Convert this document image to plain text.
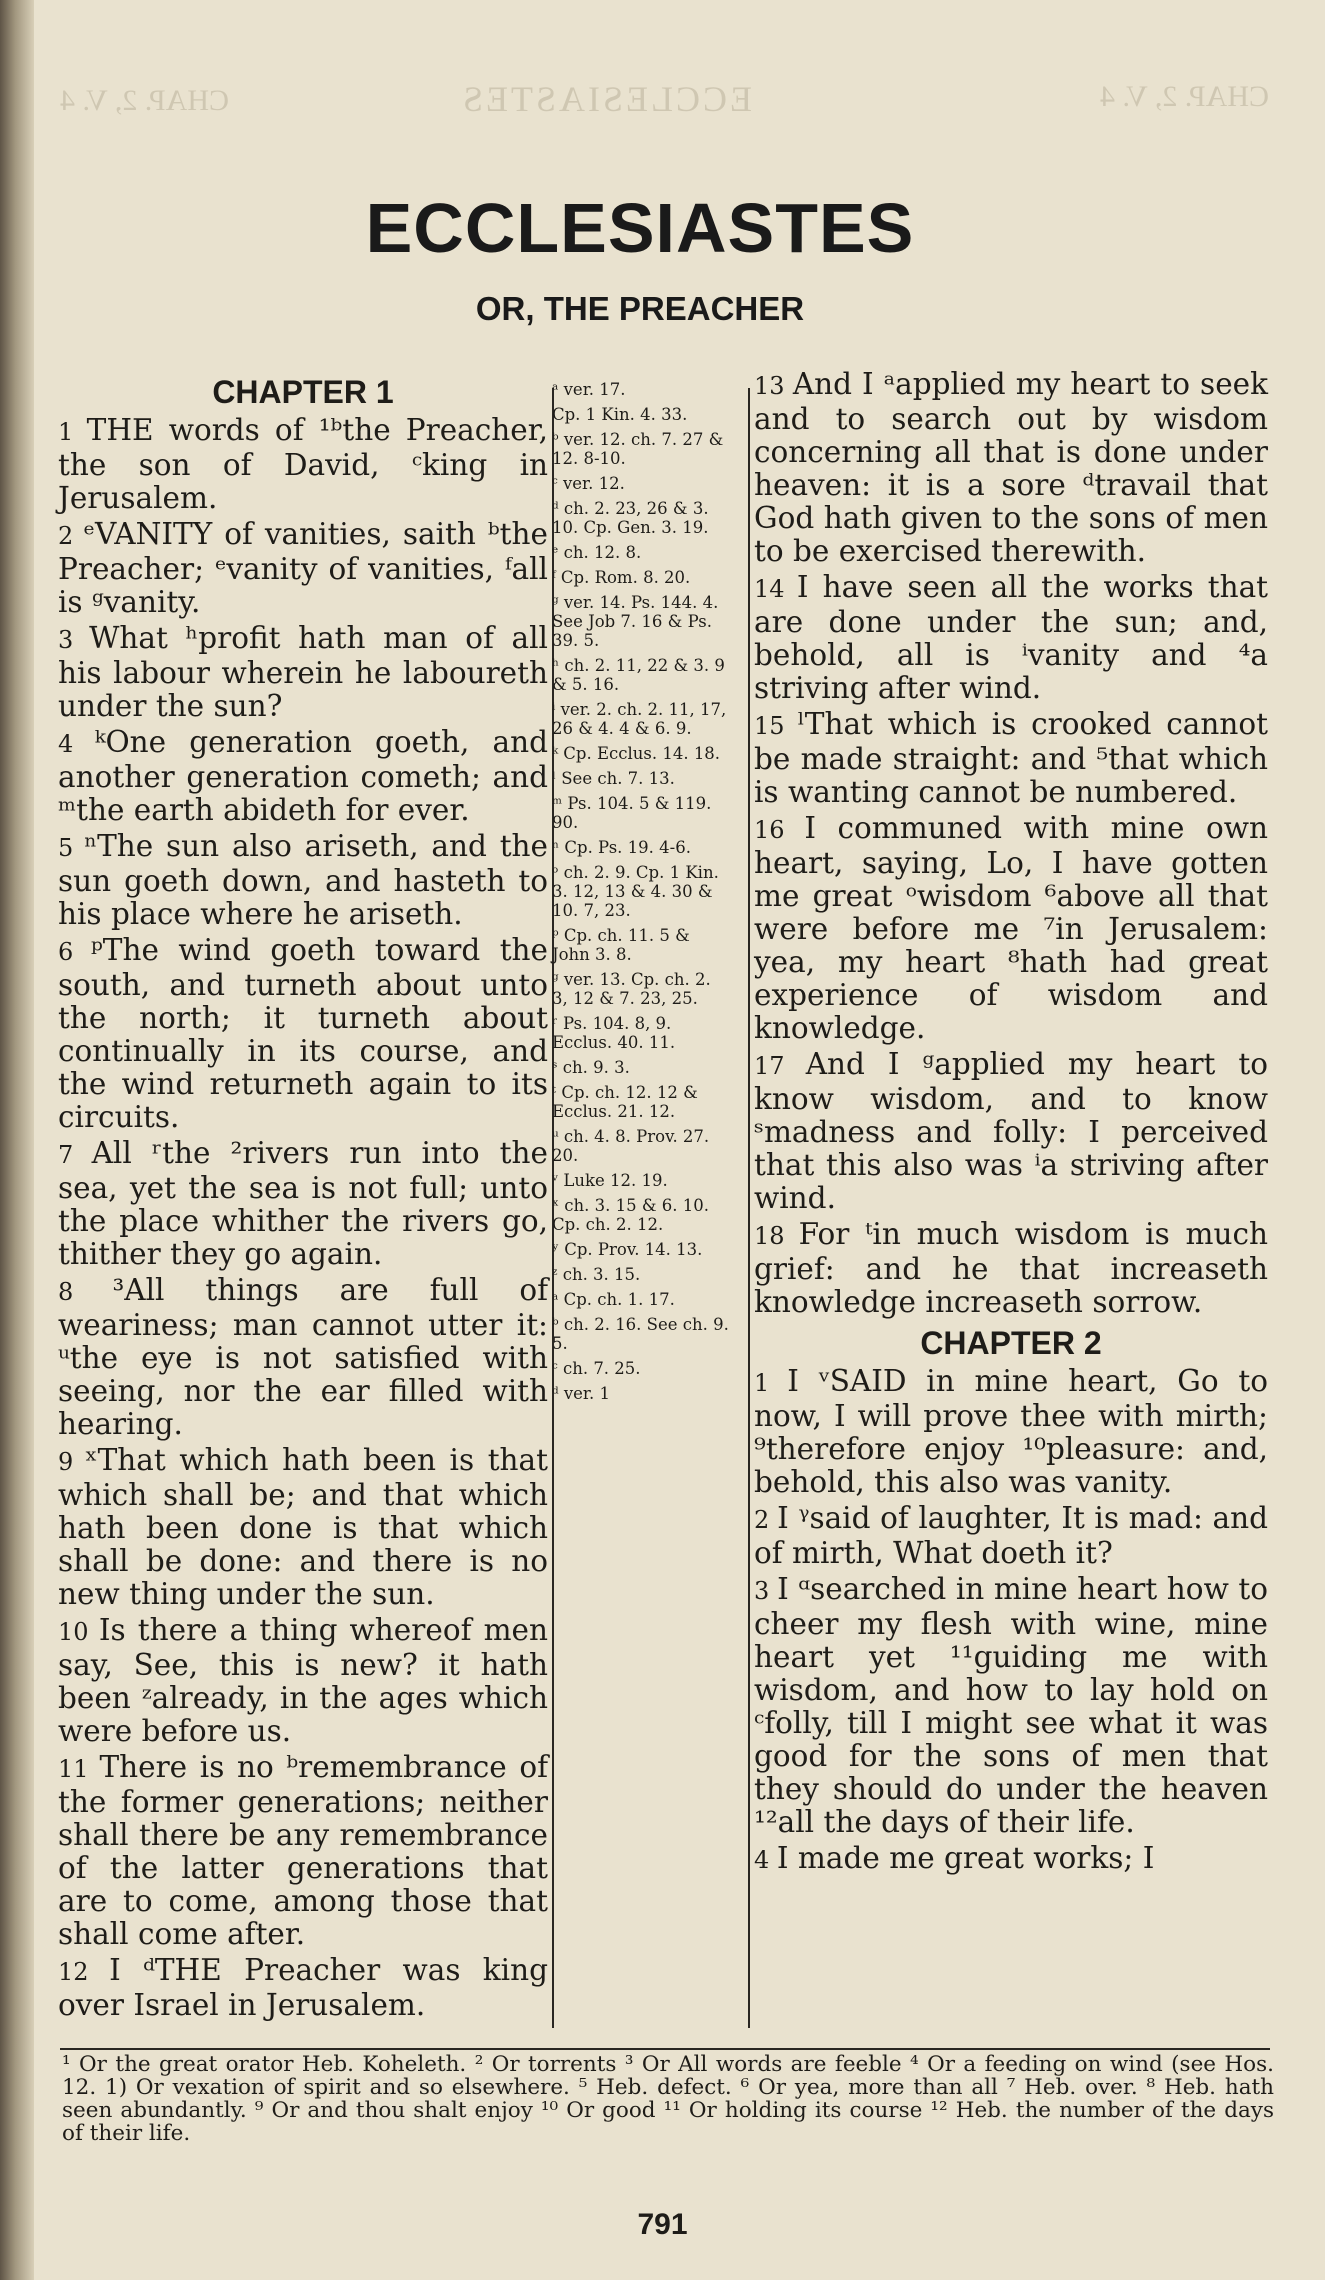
CHAP. 2, V. 4	ECCLESIASTES	CHAP. 2, V. 4
ECCLESIASTES
OR, THE PREACHER
CHAPTER 1

1 THE words of ¹ᵇthe Preacher, the son of David, ᶜking in Jerusalem.

2 ᵉVANITY of vanities, saith ᵇthe Preacher; ᵉvanity of vanities, ᶠall is ᵍvanity.

3 What ʰprofit hath man of all his labour wherein he laboureth under the sun?

4 ᵏOne generation goeth, and another generation cometh; and ᵐthe earth abideth for ever.

5 ⁿThe sun also ariseth, and the sun goeth down, and hasteth to his place where he ariseth.

6 ᵖThe wind goeth toward the south, and turneth about unto the north; it turneth about continually in its course, and the wind returneth again to its circuits.

7 All ʳthe ²rivers run into the sea, yet the sea is not full; unto the place whither the rivers go, thither they go again.

8 ³All things are full of weariness; man cannot utter it: ᵘthe eye is not satisfied with seeing, nor the ear filled with hearing.

9 ˣThat which hath been is that which shall be; and that which hath been done is that which shall be done: and there is no new thing under the sun.

10 Is there a thing whereof men say, See, this is new? it hath been ᶻalready, in the ages which were before us.

11 There is no ᵇremembrance of the former generations; neither shall there be any remembrance of the latter generations that are to come, among those that shall come after.

12 I ᵈTHE Preacher was king over Israel in Jerusalem.

ᵃ ver. 17.
Cp. 1 Kin. 4. 33.
ᵇ ver. 12. ch. 7. 27 & 12. 8-10.
ᶜ ver. 12.
ᵈ ch. 2. 23, 26 & 3. 10. Cp. Gen. 3. 19.
ᵉ ch. 12. 8.
ᶠ Cp. Rom. 8. 20.
ᵍ ver. 14. Ps. 144. 4. See Job 7. 16 & Ps. 39. 5.
ʰ ch. 2. 11, 22 & 3. 9 & 5. 16.
ⁱ ver. 2. ch. 2. 11, 17, 26 & 4. 4 & 6. 9.
ᵏ Cp. Ecclus. 14. 18.
ˡ See ch. 7. 13.
ᵐ Ps. 104. 5 & 119. 90.
ⁿ Cp. Ps. 19. 4-6.
ᵒ ch. 2. 9. Cp. 1 Kin. 3. 12, 13 & 4. 30 & 10. 7, 23.
ᵖ Cp. ch. 11. 5 & John 3. 8.
ᵍ ver. 13. Cp. ch. 2. 3, 12 & 7. 23, 25.
ʳ Ps. 104. 8, 9. Ecclus. 40. 11.
ˢ ch. 9. 3.
ᵗ Cp. ch. 12. 12 & Ecclus. 21. 12.
ᵘ ch. 4. 8. Prov. 27. 20.
ᵛ Luke 12. 19.
ˣ ch. 3. 15 & 6. 10. Cp. ch. 2. 12.
ʸ Cp. Prov. 14. 13.
ᶻ ch. 3. 15.
ᵃ Cp. ch. 1. 17.
ᵇ ch. 2. 16. See ch. 9. 5.
ᶜ ch. 7. 25.
ᵈ ver. 1

13 And I ᵃapplied my heart to seek and to search out by wisdom concerning all that is done under heaven: it is a sore ᵈtravail that God hath given to the sons of men to be exercised therewith.

14 I have seen all the works that are done under the sun; and, behold, all is ⁱvanity and ⁴a striving after wind.

15 ˡThat which is crooked cannot be made straight: and ⁵that which is wanting cannot be numbered.

16 I communed with mine own heart, saying, Lo, I have gotten me great ᵒwisdom ⁶above all that were before me ⁷in Jerusalem: yea, my heart ⁸hath had great experience of wisdom and knowledge.

17 And I ᵍapplied my heart to know wisdom, and to know ˢmadness and folly: I perceived that this also was ⁱa striving after wind.

18 For ᵗin much wisdom is much grief: and he that increaseth knowledge increaseth sorrow.

CHAPTER 2

1 I ᵛSAID in mine heart, Go to now, I will prove thee with mirth; ⁹therefore enjoy ¹⁰pleasure: and, behold, this also was vanity.

2 I ᵞsaid of laughter, It is mad: and of mirth, What doeth it?

3 I ᵅsearched in mine heart how to cheer my flesh with wine, mine heart yet ¹¹guiding me with wisdom, and how to lay hold on ᶜfolly, till I might see what it was good for the sons of men that they should do under the heaven ¹²all the days of their life.

4 I made me great works; I

¹ Or the great orator Heb. Koheleth. ² Or torrents ³ Or All words are feeble ⁴ Or a feeding on wind (see Hos. 12. 1) Or vexation of spirit and so elsewhere. ⁵ Heb. defect. ⁶ Or yea, more than all ⁷ Heb. over. ⁸ Heb. hath seen abundantly. ⁹ Or and thou shalt enjoy ¹⁰ Or good ¹¹ Or holding its course ¹² Heb. the number of the days of their life.
791
